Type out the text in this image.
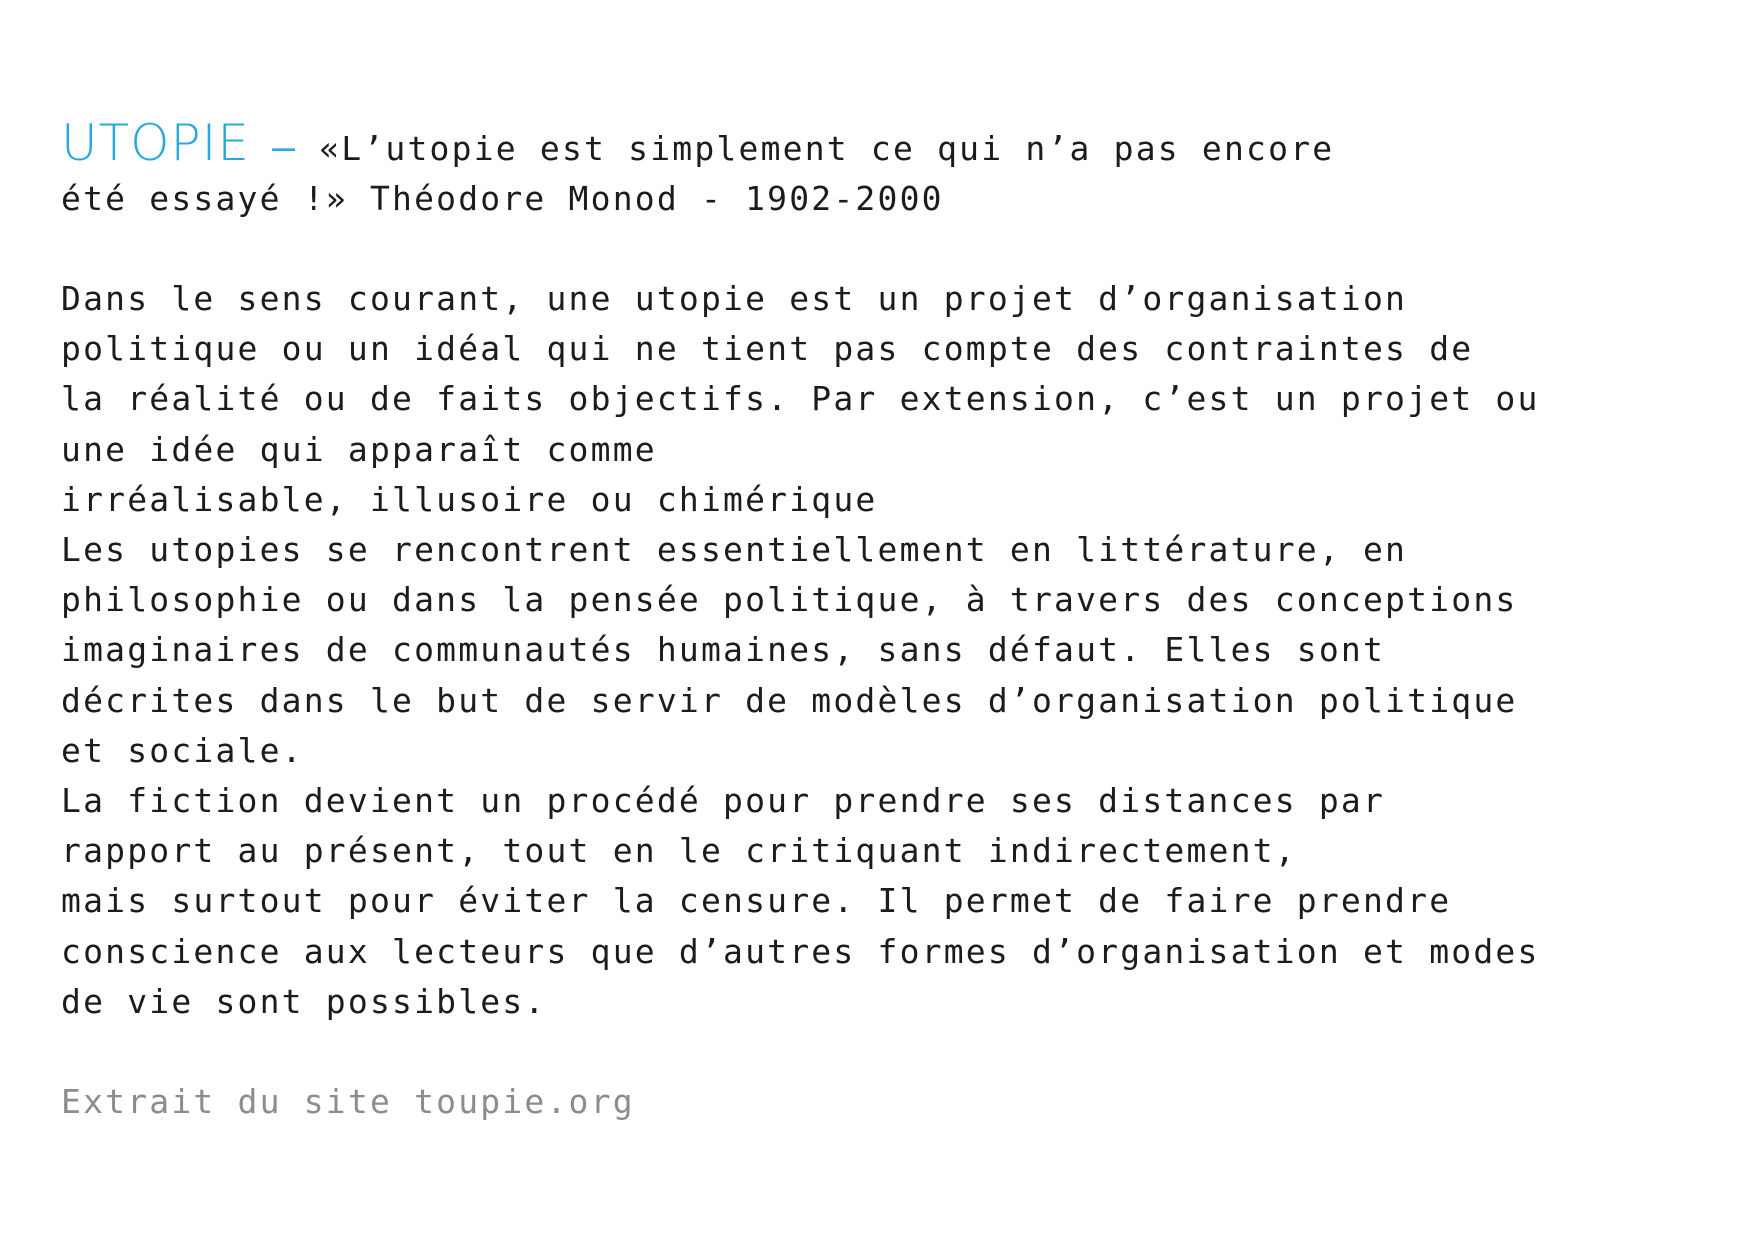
UTOPIE – «L’utopie est simplement ce qui n’a pas encore
été essayé !» Théodore Monod - 1902-2000
Dans le sens courant, une utopie est un projet d’organisation
politique ou un idéal qui ne tient pas compte des contraintes de
la réalité ou de faits objectifs. Par extension, c’est un projet ou
une idée qui apparaît comme
irréalisable, illusoire ou chimérique
Les utopies se rencontrent essentiellement en littérature, en
philosophie ou dans la pensée politique, à travers des conceptions
imaginaires de communautés humaines, sans défaut. Elles sont
décrites dans le but de servir de modèles d’organisation politique
et sociale.
La fiction devient un procédé pour prendre ses distances par
rapport au présent, tout en le critiquant indirectement,
mais surtout pour éviter la censure. Il permet de faire prendre
conscience aux lecteurs que d’autres formes d’organisation et modes
de vie sont possibles.
Extrait du site toupie.org
